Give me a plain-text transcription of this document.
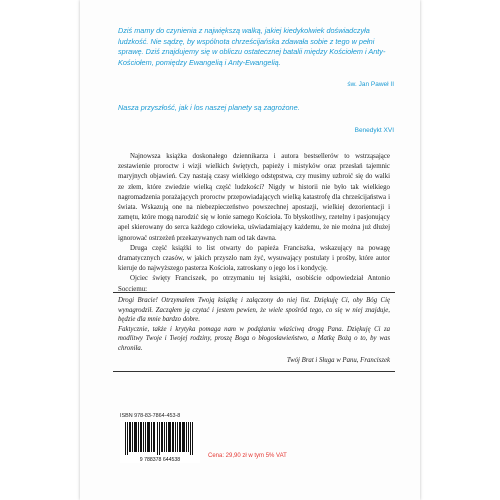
Dziś mamy do czynienia z największą walką, jakiej kiedykolwiek doświadczyła ludzkość. Nie sądzę, by wspólnota chrześcijańska zdawała sobie z tego w pełni sprawę. Dziś znajdujemy się w obliczu ostatecznej batalii między Kościołem i Anty-Kościołem, pomiędzy Ewangelią i Anty-Ewangelią.
św. Jan Paweł II
Nasza przyszłość, jak i los naszej planety są zagrożone.
Benedykt XVI

Najnowsza książka doskonałego dziennikarza i autora bestsellerów to wstrząsające zestawienie proroctw i wizji wielkich świętych, papieży i mistyków oraz przesłań tajemnic maryjnych objawień. Czy nastają czasy wielkiego odstępstwa, czy musimy uzbroić się do walki ze złem, które zwiedzie wielką część ludzkości? Nigdy w historii nie było tak wielkiego nagromadzenia porażających proroctw przepowiadających wielką katastrofę dla chrześcijaństwa i świata. Wskazują one na niebezpieczeństwo powszechnej apostazji, wielkiej dezorientacji i zamętu, które mogą narodzić się w łonie samego Kościoła. To błyskotliwy, rzetelny i pasjonujący apel skierowany do serca każdego człowieka, uświadamiający każdemu, że nie można już dłużej ignorować ostrzeżeń przekazywanych nam od tak dawna.

Druga część książki to list otwarty do papieża Franciszka, wskazujący na powagę dramatycznych czasów, w jakich przyszło nam żyć, wysuwający postulaty i prośby, które autor kieruje do najwyższego pasterza Kościoła, zatroskany o jego los i kondycję.

Ojciec święty Franciszek, po otrzymaniu tej książki, osobiście odpowiedział Antonio Socciemu:

Drogi Bracie! Otrzymałem Twoją książkę i załączony do niej list. Dziękuję Ci, oby Bóg Cię wynagrodził. Zacząłem ją czytać i jestem pewien, że wiele spośród tego, co się w niej znajduje, będzie dla mnie bardzo dobre.

Faktycznie, także i krytyka pomaga nam w podążaniu właściwą drogą Pana. Dziękuję Ci za modlitwy Twoje i Twojej rodziny, proszę Boga o błogosławieństwo, a Matkę Bożą o to, by was chroniła.

Twój Brat i Sługa w Panu, Franciszek

ISBN 978-83-7864-453-8
9 788378 644538
Cena: 29,90 zł w tym 5% VAT
